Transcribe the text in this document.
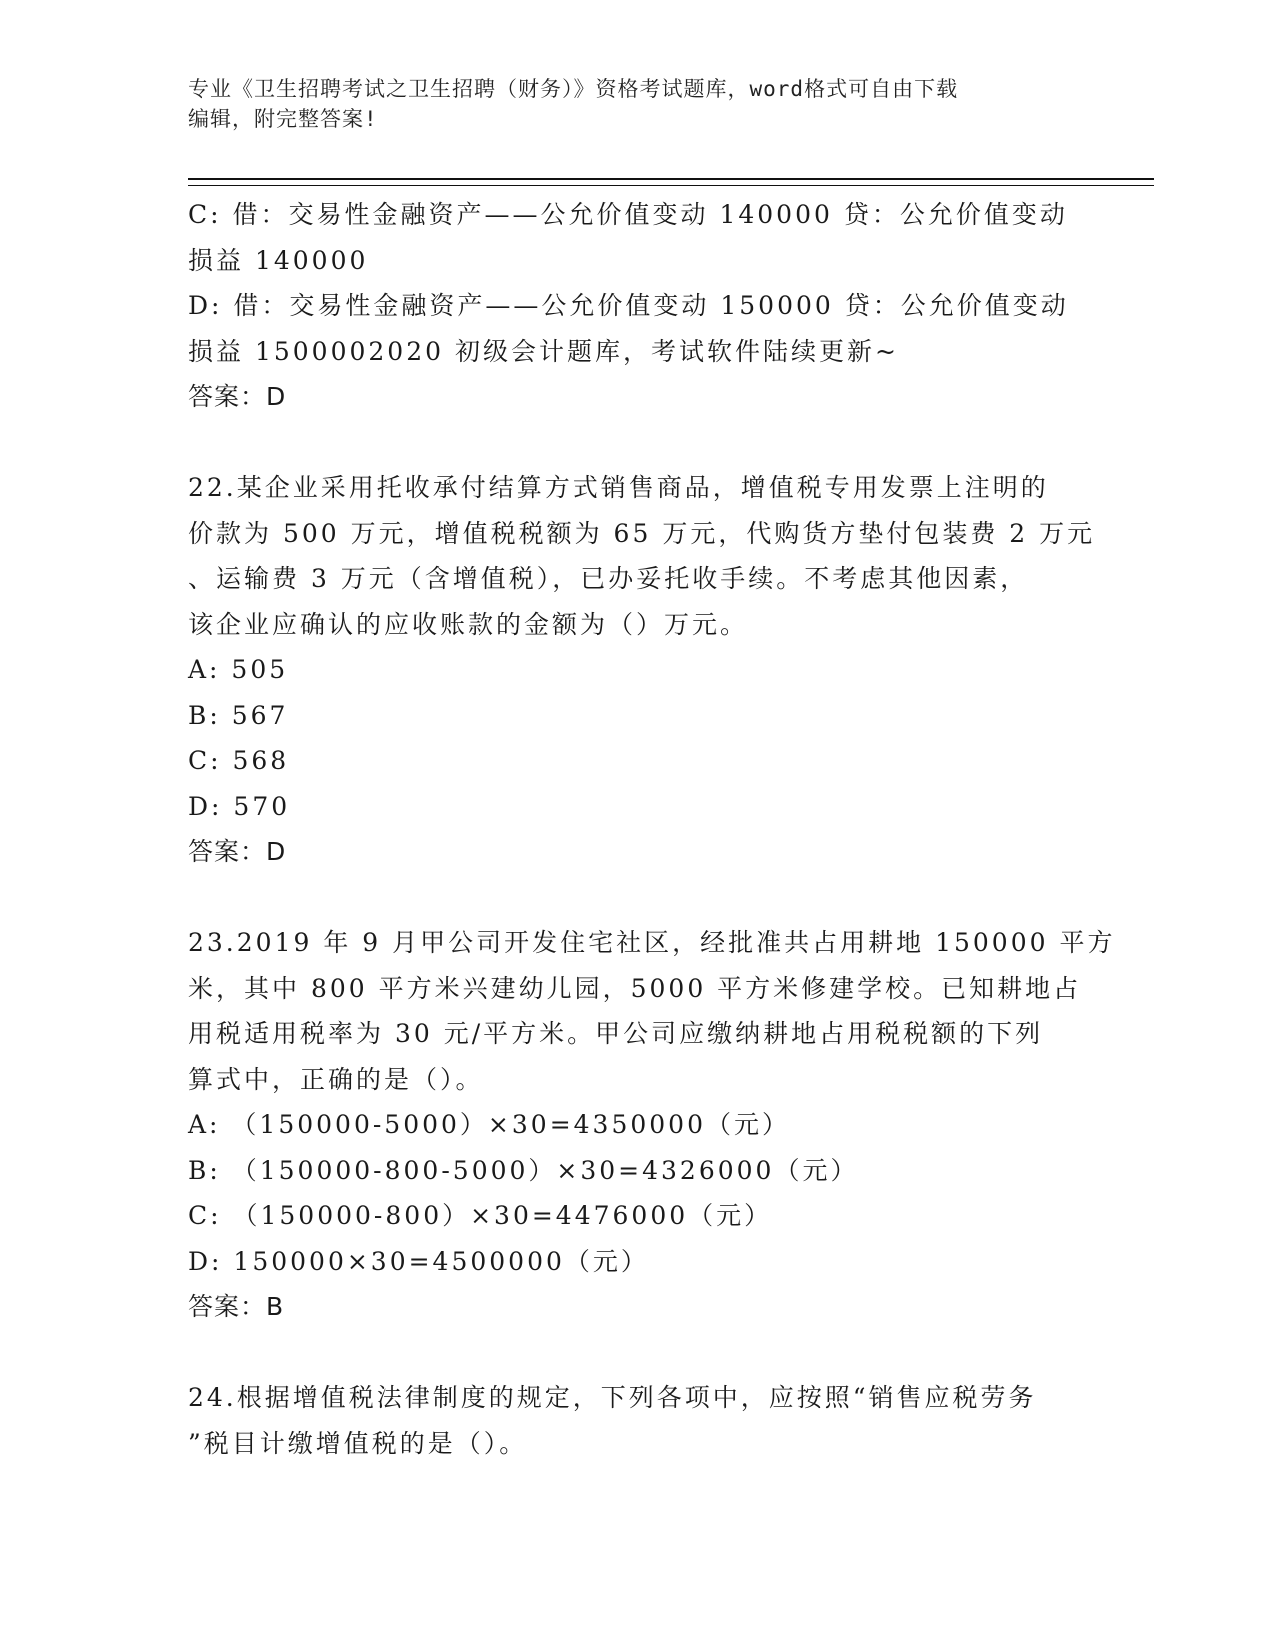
专业《卫生招聘考试之卫生招聘（财务）》资格考试题库，word格式可自由下载
编辑，附完整答案!
C: 借：交易性金融资产——公允价值变动 140000 贷：公允价值变动
损益 140000
D: 借：交易性金融资产——公允价值变动 150000 贷：公允价值变动
损益 1500002020 初级会计题库，考试软件陆续更新~
答案：D
22.某企业采用托收承付结算方式销售商品，增值税专用发票上注明的
价款为 500 万元，增值税税额为 65 万元，代购货方垫付包装费 2 万元
、运输费 3 万元（含增值税），已办妥托收手续。不考虑其他因素，
该企业应确认的应收账款的金额为（）万元。
A: 505
B: 567
C: 568
D: 570
答案：D
23.2019 年 9 月甲公司开发住宅社区，经批准共占用耕地 150000 平方
米，其中 800 平方米兴建幼儿园，5000 平方米修建学校。已知耕地占
用税适用税率为 30 元/平方米。甲公司应缴纳耕地占用税税额的下列
算式中，正确的是（）。
A: （150000-5000）×30=4350000（元）
B: （150000-800-5000）×30=4326000（元）
C: （150000-800）×30=4476000（元）
D: 150000×30=4500000（元）
答案：B
24.根据增值税法律制度的规定，下列各项中，应按照“销售应税劳务
”税目计缴增值税的是（）。
